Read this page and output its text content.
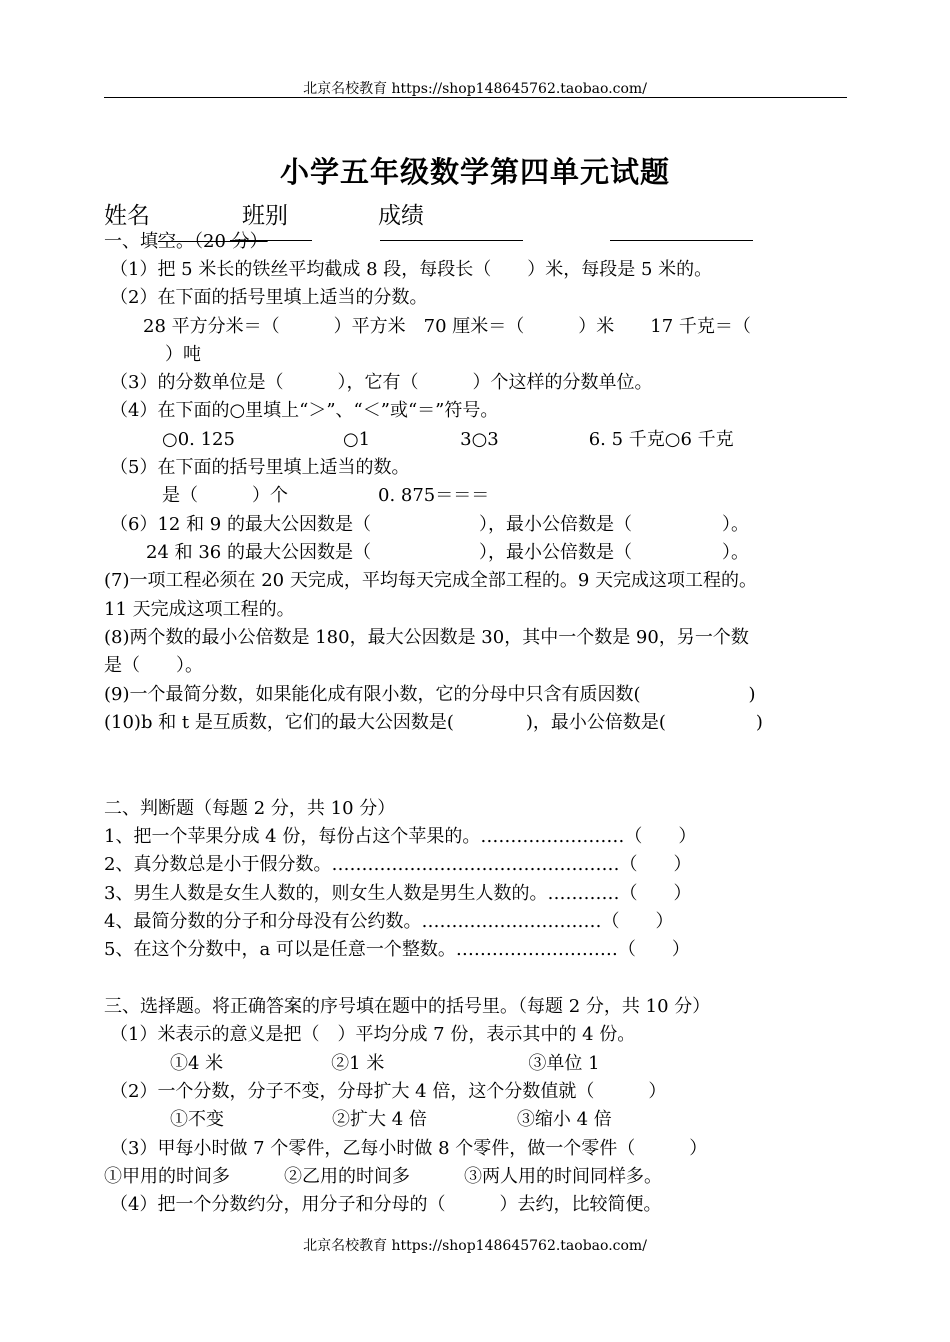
北京名校教育 https://shop148645762.taobao.com/
小学五年级数学第四单元试题
姓名	班别	成绩
一、填空。（20 分）
（1）把 5 米长的铁丝平均截成 8 段，每段长（　　）米，每段是 5 米的。
（2）在下面的括号里填上适当的分数。
28 平方分米＝（　　　）平方米　70 厘米＝（　　　）米　　17 千克＝（
）吨
（3）的分数单位是（　　　），它有（　　　）个这样的分数单位。
（4）在下面的○里填上“＞”、“＜”或“＝”符号。
○0. 125　　　　　　○1　　　　　3○3　　　　　6. 5 千克○6 千克
（5）在下面的括号里填上适当的数。
是（　　　）个　　　　　0. 875＝＝＝
（6）12 和 9 的最大公因数是（　　　　　　），最小公倍数是（　　　　　）。
24 和 36 的最大公因数是（　　　　　　），最小公倍数是（　　　　　）。
(7)一项工程必须在 20 天完成，平均每天完成全部工程的。9 天完成这项工程的。
11 天完成这项工程的。
(8)两个数的最小公倍数是 180，最大公因数是 30，其中一个数是 90，另一个数
是（　　）。
(9)一个最简分数，如果能化成有限小数，它的分母中只含有质因数(　　　　　　)
(10)b 和 t 是互质数，它们的最大公因数是(　　　　)，最小公倍数是(　　　　　)
二、判断题（每题 2 分，共 10 分）
1、把一个苹果分成 4 份，每份占这个苹果的。……………………（　　）
2、真分数总是小于假分数。…………………………………………（　　）
3、男生人数是女生人数的，则女生人数是男生人数的。…………（　　）
4、最简分数的分子和分母没有公约数。…………………………（　　）
5、在这个分数中，a 可以是任意一个整数。………………………（　　）
三、选择题。将正确答案的序号填在题中的括号里。（每题 2 分，共 10 分）
（1）米表示的意义是把（　）平均分成 7 份，表示其中的 4 份。
①4 米　　　　　　②1 米　　　　　　　　③单位 1
（2）一个分数，分子不变，分母扩大 4 倍，这个分数值就（　　　）
①不变　　　　　　②扩大 4 倍　　　　　③缩小 4 倍
（3）甲每小时做 7 个零件，乙每小时做 8 个零件，做一个零件（　　　）
①甲用的时间多　　　②乙用的时间多　　　③两人用的时间同样多。
（4）把一个分数约分，用分子和分母的（　　　）去约，比较简便。
北京名校教育 https://shop148645762.taobao.com/
